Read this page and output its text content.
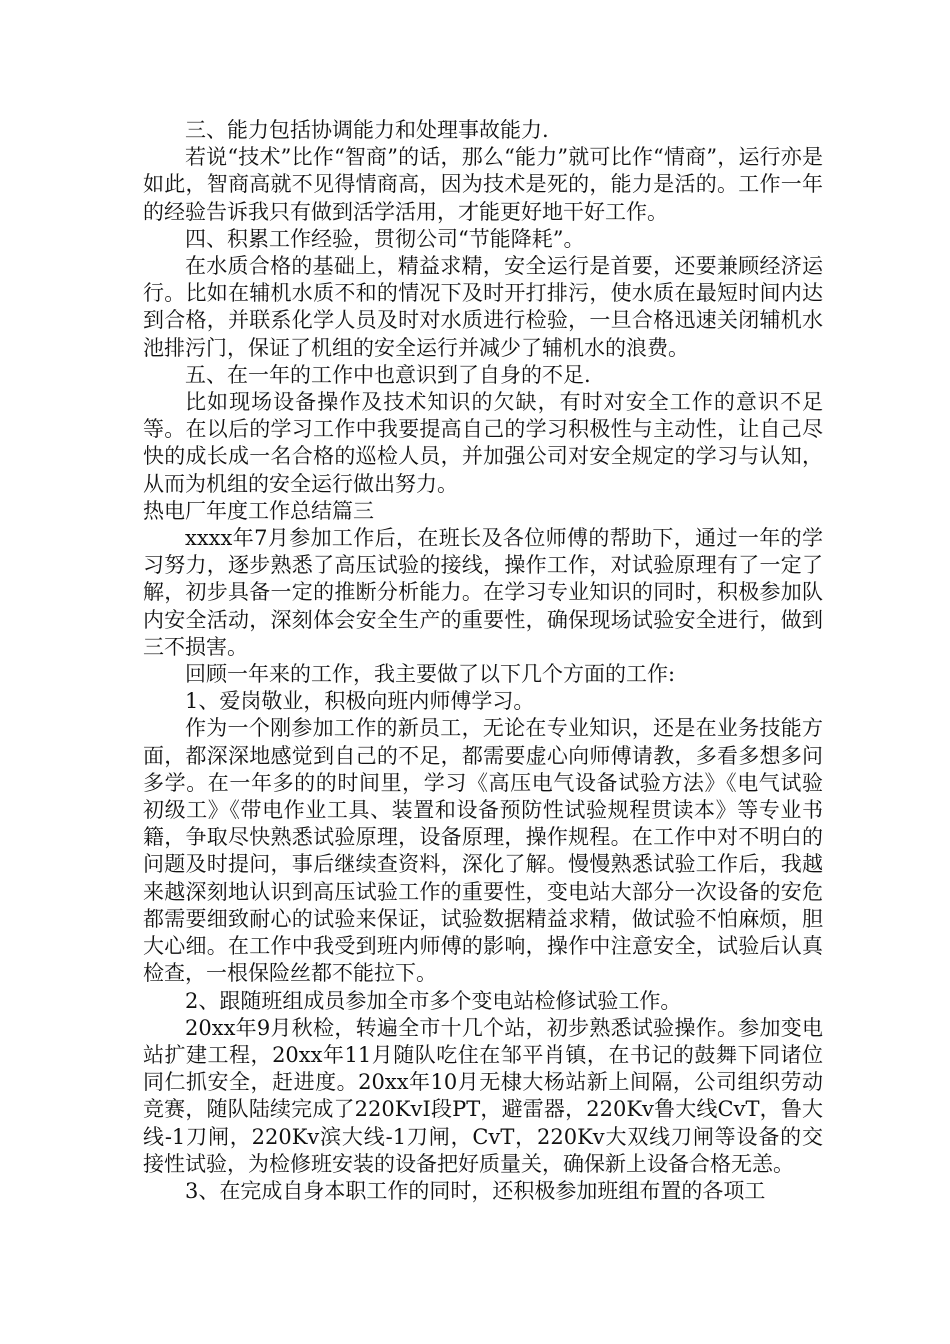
三、能力包括协调能力和处理事故能力.

若说“技术”比作“智商”的话，那么“能力”就可比作“情商”，运行亦是如此，智商高就不见得情商高，因为技术是死的，能力是活的。工作一年的经验告诉我只有做到活学活用，才能更好地干好工作。

四、积累工作经验，贯彻公司“节能降耗”。

在水质合格的基础上，精益求精，安全运行是首要，还要兼顾经济运行。比如在辅机水质不和的情况下及时开打排污，使水质在最短时间内达到合格，并联系化学人员及时对水质进行检验，一旦合格迅速关闭辅机水池排污门，保证了机组的安全运行并减少了辅机水的浪费。

五、在一年的工作中也意识到了自身的不足.

比如现场设备操作及技术知识的欠缺，有时对安全工作的意识不足等。在以后的学习工作中我要提高自己的学习积极性与主动性，让自己尽快的成长成一名合格的巡检人员，并加强公司对安全规定的学习与认知，从而为机组的安全运行做出努力。

热电厂年度工作总结篇三

xxxx年7月参加工作后，在班长及各位师傅的帮助下，通过一年的学习努力，逐步熟悉了高压试验的接线，操作工作，对试验原理有了一定了解，初步具备一定的推断分析能力。在学习专业知识的同时，积极参加队内安全活动，深刻体会安全生产的重要性，确保现场试验安全进行，做到三不损害。

回顾一年来的工作，我主要做了以下几个方面的工作:

1、爱岗敬业，积极向班内师傅学习。

作为一个刚参加工作的新员工，无论在专业知识，还是在业务技能方面，都深深地感觉到自己的不足，都需要虚心向师傅请教，多看多想多问多学。在一年多的的时间里，学习《高压电气设备试验方法》《电气试验初级工》《带电作业工具、装置和设备预防性试验规程贯读本》等专业书籍，争取尽快熟悉试验原理，设备原理，操作规程。在工作中对不明白的问题及时提问，事后继续查资料，深化了解。慢慢熟悉试验工作后，我越来越深刻地认识到高压试验工作的重要性，变电站大部分一次设备的安危都需要细致耐心的试验来保证，试验数据精益求精，做试验不怕麻烦，胆大心细。在工作中我受到班内师傅的影响，操作中注意安全，试验后认真检查，一根保险丝都不能拉下。

2、跟随班组成员参加全市多个变电站检修试验工作。

20xx年9月秋检，转遍全市十几个站，初步熟悉试验操作。参加变电站扩建工程，20xx年11月随队吃住在邹平肖镇，在书记的鼓舞下同诸位同仁抓安全，赶进度。20xx年10月无棣大杨站新上间隔，公司组织劳动竞赛，随队陆续完成了220KvⅠ段PT，避雷器，220Kv鲁大线CvT，鲁大线-1刀闸，220Kv滨大线-1刀闸，CvT，220Kv大双线刀闸等设备的交接性试验，为检修班安装的设备把好质量关，确保新上设备合格无恙。

3、在完成自身本职工作的同时，还积极参加班组布置的各项工
